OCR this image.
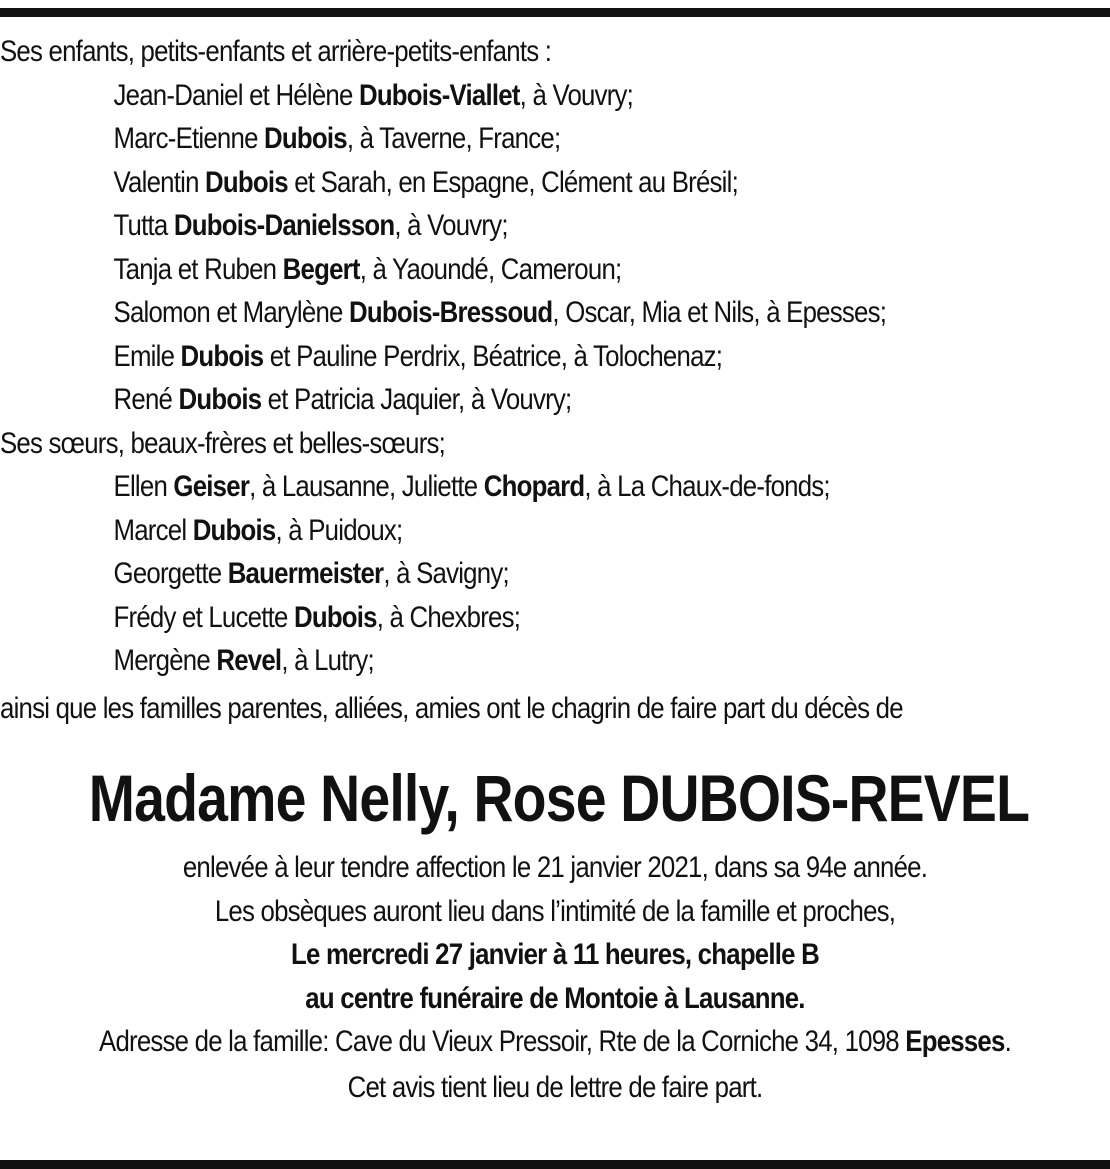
Ses enfants, petits-enfants et arrière-petits-enfants :
Jean-Daniel et Hélène Dubois-Viallet, à Vouvry;
Marc-Etienne Dubois, à Taverne, France;
Valentin Dubois et Sarah, en Espagne, Clément au Brésil;
Tutta Dubois-Danielsson, à Vouvry;
Tanja et Ruben Begert, à Yaoundé, Cameroun;
Salomon et Marylène Dubois-Bressoud, Oscar, Mia et Nils, à Epesses;
Emile Dubois et Pauline Perdrix, Béatrice, à Tolochenaz;
René Dubois et Patricia Jaquier, à Vouvry;
Ses sœurs, beaux-frères et belles-sœurs;
Ellen Geiser, à Lausanne, Juliette Chopard, à La Chaux-de-fonds;
Marcel Dubois, à Puidoux;
Georgette Bauermeister, à Savigny;
Frédy et Lucette Dubois, à Chexbres;
Mergène Revel, à Lutry;
ainsi que les familles parentes, alliées, amies ont le chagrin de faire part du décès de
Madame Nelly, Rose DUBOIS-REVEL
enlevée à leur tendre affection le 21 janvier 2021, dans sa 94e année.
Les obsèques auront lieu dans l’intimité de la famille et proches,
Le mercredi 27 janvier à 11 heures, chapelle B
au centre funéraire de Montoie à Lausanne.
Adresse de la famille: Cave du Vieux Pressoir, Rte de la Corniche 34, 1098 Epesses.
Cet avis tient lieu de lettre de faire part.
